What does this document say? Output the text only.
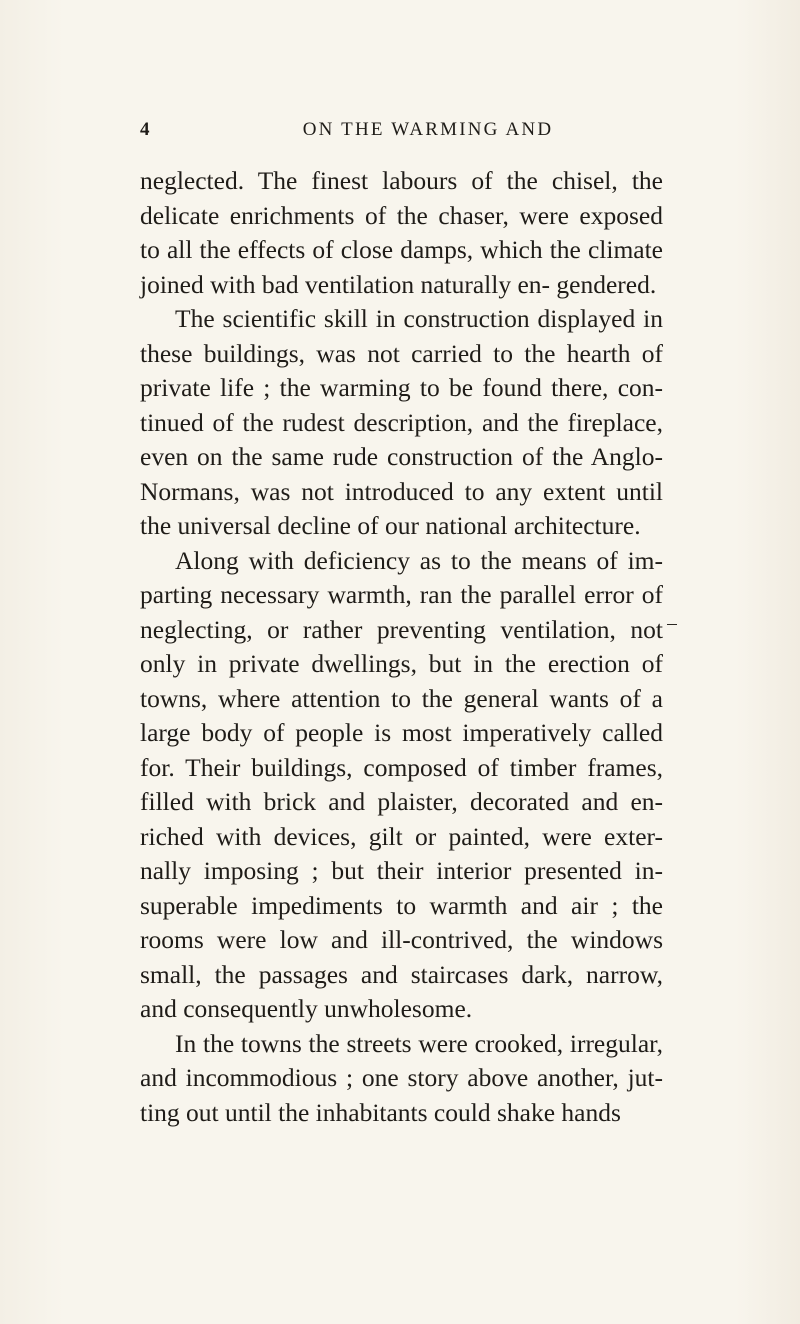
4	ON THE WARMING AND

neglected. The finest labours of the chisel, the delicate enrichments of the chaser, were exposed to all the effects of close damps, which the climate joined with bad ventilation naturally en- gendered.

The scientific skill in construction displayed in these buildings, was not carried to the hearth of private life ; the warming to be found there, con- tinued of the rudest description, and the fireplace, even on the same rude construction of the Anglo- Normans, was not introduced to any extent until the universal decline of our national architecture.

Along with deficiency as to the means of im- parting necessary warmth, ran the parallel error of neglecting, or rather preventing ventilation, not only in private dwellings, but in the erection of towns, where attention to the general wants of a large body of people is most imperatively called for. Their buildings, composed of timber frames, filled with brick and plaister, decorated and en- riched with devices, gilt or painted, were exter- nally imposing ; but their interior presented in- superable impediments to warmth and air ; the rooms were low and ill-contrived, the windows small, the passages and staircases dark, narrow, and consequently unwholesome.

In the towns the streets were crooked, irregular, and incommodious ; one story above another, jut- ting out until the inhabitants could shake hands
